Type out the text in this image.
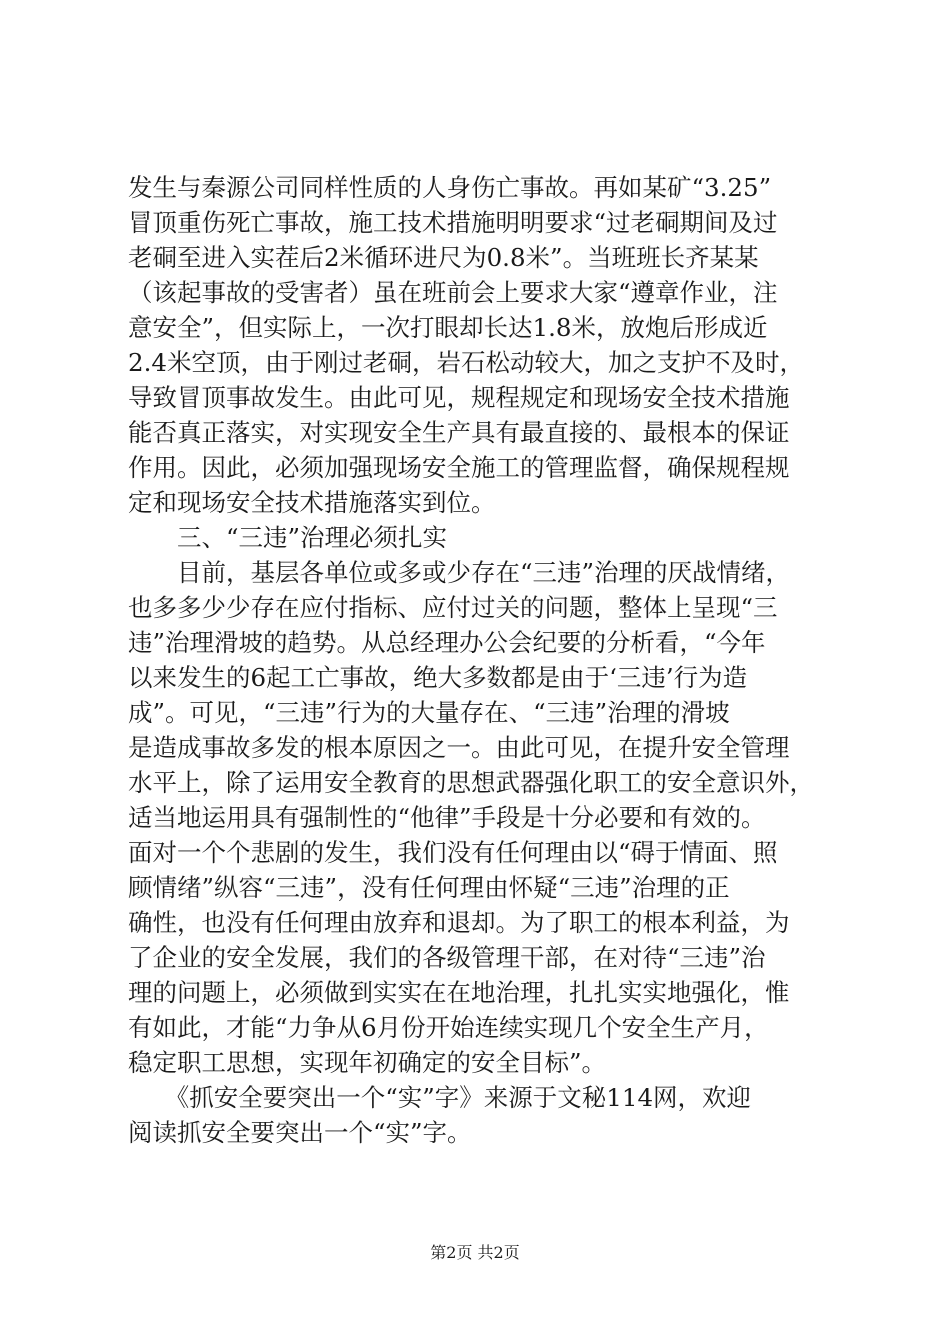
发生与秦源公司同样性质的人身伤亡事故。再如某矿“3.25”
冒顶重伤死亡事故，施工技术措施明明要求“过老硐期间及过
老硐至进入实茬后2米循环进尺为0.8米”。当班班长齐某某
（该起事故的受害者）虽在班前会上要求大家“遵章作业，注
意安全”，但实际上，一次打眼却长达1.8米，放炮后形成近
2.4米空顶，由于刚过老硐，岩石松动较大，加之支护不及时，
导致冒顶事故发生。由此可见，规程规定和现场安全技术措施
能否真正落实，对实现安全生产具有最直接的、最根本的保证
作用。因此，必须加强现场安全施工的管理监督，确保规程规
定和现场安全技术措施落实到位。
　　三、“三违”治理必须扎实
　　目前，基层各单位或多或少存在“三违”治理的厌战情绪，
也多多少少存在应付指标、应付过关的问题，整体上呈现“三
违”治理滑坡的趋势。从总经理办公会纪要的分析看，“今年
以来发生的6起工亡事故，绝大多数都是由于‘三违’行为造
成”。可见，“三违”行为的大量存在、“三违”治理的滑坡
是造成事故多发的根本原因之一。由此可见，在提升安全管理
水平上，除了运用安全教育的思想武器强化职工的安全意识外，
适当地运用具有强制性的“他律”手段是十分必要和有效的。
面对一个个悲剧的发生，我们没有任何理由以“碍于情面、照
顾情绪”纵容“三违”，没有任何理由怀疑“三违”治理的正
确性，也没有任何理由放弃和退却。为了职工的根本利益，为
了企业的安全发展，我们的各级管理干部，在对待“三违”治
理的问题上，必须做到实实在在地治理，扎扎实实地强化，惟
有如此，才能“力争从6月份开始连续实现几个安全生产月，
稳定职工思想，实现年初确定的安全目标”。
　　《抓安全要突出一个“实”字》来源于文秘114网，欢迎
阅读抓安全要突出一个“实”字。
第2页 共2页
